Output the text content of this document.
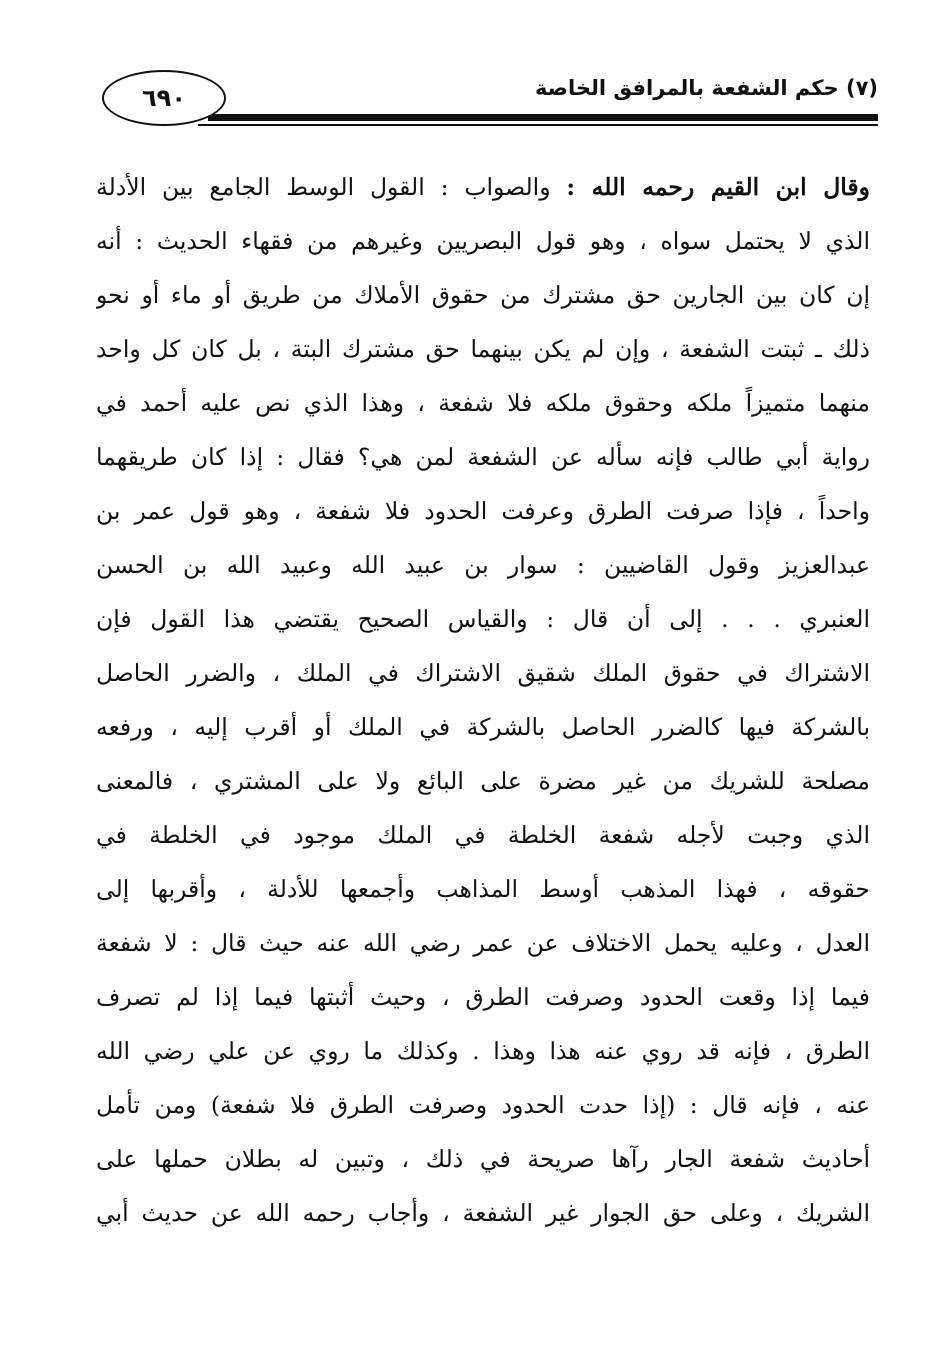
٦٩٠	(٧) حكم الشفعة بالمرافق الخاصة
وقال ابن القيم رحمه الله : والصواب : القول الوسط الجامع بين الأدلة
الذي لا يحتمل سواه ، وهو قول البصريين وغيرهم من فقهاء الحديث : أنه
إن كان بين الجارين حق مشترك من حقوق الأملاك من طريق أو ماء أو نحو
ذلك ـ ثبتت الشفعة ، وإن لم يكن بينهما حق مشترك البتة ، بل كان كل واحد
منهما متميزاً ملكه وحقوق ملكه فلا شفعة ، وهذا الذي نص عليه أحمد في
رواية أبي طالب فإنه سأله عن الشفعة لمن هي؟ فقال : إذا كان طريقهما
واحداً ، فإذا صرفت الطرق وعرفت الحدود فلا شفعة ، وهو قول عمر بن
عبدالعزيز وقول القاضيين : سوار بن عبيد الله وعبيد الله بن الحسن
العنبري . . . إلى أن قال : والقياس الصحيح يقتضي هذا القول فإن
الاشتراك في حقوق الملك شقيق الاشتراك في الملك ، والضرر الحاصل
بالشركة فيها كالضرر الحاصل بالشركة في الملك أو أقرب إليه ، ورفعه
مصلحة للشريك من غير مضرة على البائع ولا على المشتري ، فالمعنى
الذي وجبت لأجله شفعة الخلطة في الملك موجود في الخلطة في
حقوقه ، فهذا المذهب أوسط المذاهب وأجمعها للأدلة ، وأقربها إلى
العدل ، وعليه يحمل الاختلاف عن عمر رضي الله عنه حيث قال : لا شفعة
فيما إذا وقعت الحدود وصرفت الطرق ، وحيث أثبتها فيما إذا لم تصرف
الطرق ، فإنه قد روي عنه هذا وهذا . وكذلك ما روي عن علي رضي الله
عنه ، فإنه قال : (إذا حدت الحدود وصرفت الطرق فلا شفعة) ومن تأمل
أحاديث شفعة الجار رآها صريحة في ذلك ، وتبين له بطلان حملها على
الشريك ، وعلى حق الجوار غير الشفعة ، وأجاب رحمه الله عن حديث أبي
